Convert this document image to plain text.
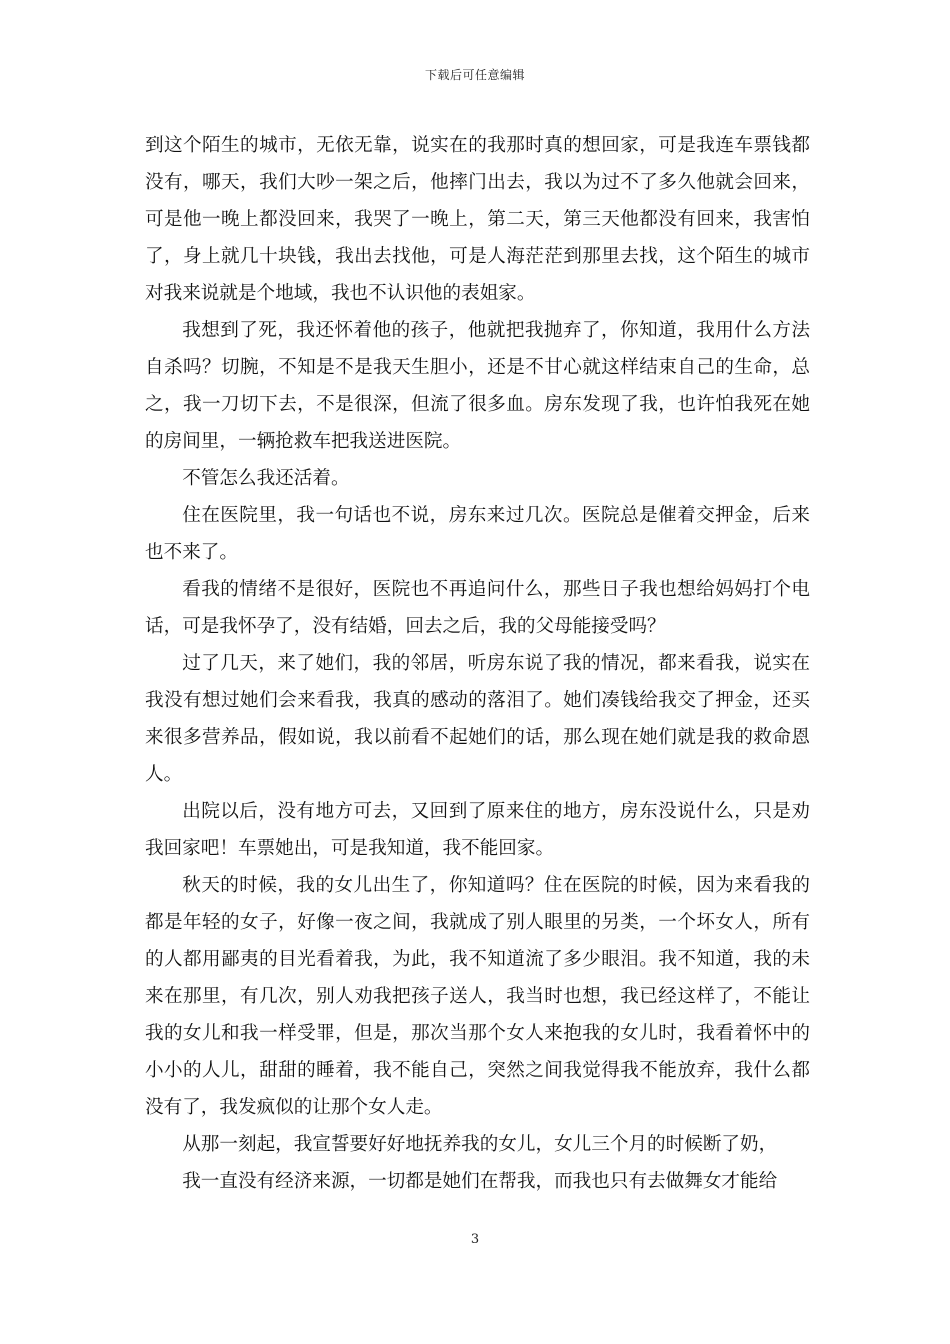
下载后可任意编辑

到这个陌生的城市，无依无靠，说实在的我那时真的想回家，可是我连车票钱都没有，哪天，我们大吵一架之后，他摔门出去，我以为过不了多久他就会回来，可是他一晚上都没回来，我哭了一晚上，第二天，第三天他都没有回来，我害怕了，身上就几十块钱，我出去找他，可是人海茫茫到那里去找，这个陌生的城市对我来说就是个地域，我也不认识他的表姐家。

我想到了死，我还怀着他的孩子，他就把我抛弃了，你知道，我用什么方法自杀吗？切腕，不知是不是我天生胆小，还是不甘心就这样结束自己的生命，总之，我一刀切下去，不是很深，但流了很多血。房东发现了我，也许怕我死在她的房间里，一辆抢救车把我送进医院。

不管怎么我还活着。

住在医院里，我一句话也不说，房东来过几次。医院总是催着交押金，后来也不来了。

看我的情绪不是很好，医院也不再追问什么，那些日子我也想给妈妈打个电话，可是我怀孕了，没有结婚，回去之后，我的父母能接受吗？

过了几天，来了她们，我的邻居，听房东说了我的情况，都来看我，说实在我没有想过她们会来看我，我真的感动的落泪了。她们凑钱给我交了押金，还买来很多营养品，假如说，我以前看不起她们的话，那么现在她们就是我的救命恩人。

出院以后，没有地方可去，又回到了原来住的地方，房东没说什么，只是劝我回家吧！车票她出，可是我知道，我不能回家。

秋天的时候，我的女儿出生了，你知道吗？住在医院的时候，因为来看我的都是年轻的女子，好像一夜之间，我就成了别人眼里的另类，一个坏女人，所有的人都用鄙夷的目光看着我，为此，我不知道流了多少眼泪。我不知道，我的未来在那里，有几次，别人劝我把孩子送人，我当时也想，我已经这样了，不能让我的女儿和我一样受罪，但是，那次当那个女人来抱我的女儿时，我看着怀中的小小的人儿，甜甜的睡着，我不能自己，突然之间我觉得我不能放弃，我什么都没有了，我发疯似的让那个女人走。

从那一刻起，我宣誓要好好地抚养我的女儿，女儿三个月的时候断了奶，

我一直没有经济来源，一切都是她们在帮我，而我也只有去做舞女才能给

3
